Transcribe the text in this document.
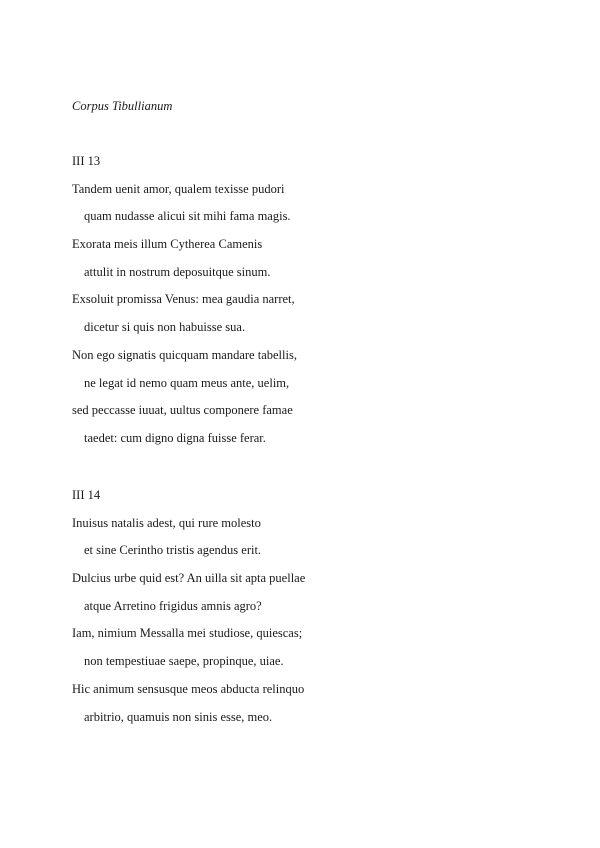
Corpus Tibullianum

III 13

Tandem uenit amor, qualem texisse pudori

quam nudasse alicui sit mihi fama magis.

Exorata meis illum Cytherea Camenis

attulit in nostrum deposuitque sinum.

Exsoluit promissa Venus: mea gaudia narret,

dicetur si quis non habuisse sua.

Non ego signatis quicquam mandare tabellis,

ne legat id nemo quam meus ante, uelim,

sed peccasse iuuat, uultus componere famae

taedet: cum digno digna fuisse ferar.

III 14

Inuisus natalis adest, qui rure molesto

et sine Cerintho tristis agendus erit.

Dulcius urbe quid est? An uilla sit apta puellae

atque Arretino frigidus amnis agro?

Iam, nimium Messalla mei studiose, quiescas;

non tempestiuae saepe, propinque, uiae.

Hic animum sensusque meos abducta relinquo

arbitrio, quamuis non sinis esse, meo.
